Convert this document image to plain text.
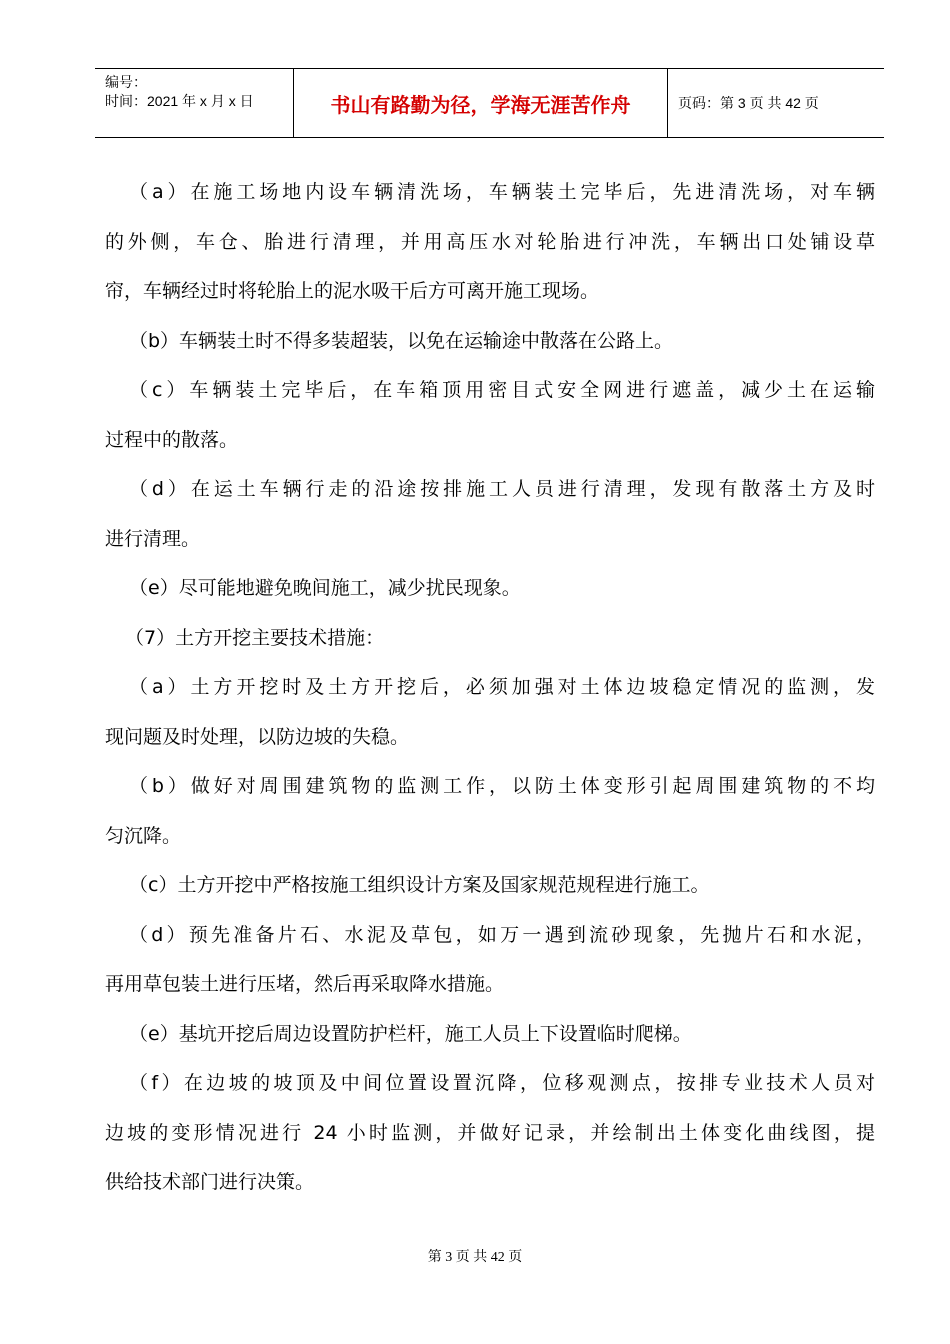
编号：
时间：2021 年 x 月 x 日	书山有路勤为径，学海无涯苦作舟	页码：第 3 页 共 42 页
（a）在施工场地内设车辆清洗场，车辆装土完毕后，先进清洗场，对车辆
的外侧，车仓、胎进行清理，并用高压水对轮胎进行冲洗，车辆出口处铺设草
帘，车辆经过时将轮胎上的泥水吸干后方可离开施工现场。
（b）车辆装土时不得多装超装，以免在运输途中散落在公路上。
（c）车辆装土完毕后，在车箱顶用密目式安全网进行遮盖，减少土在运输
过程中的散落。
（d）在运土车辆行走的沿途按排施工人员进行清理，发现有散落土方及时
进行清理。
（e）尽可能地避免晚间施工，减少扰民现象。
（7）土方开挖主要技术措施：
（a）土方开挖时及土方开挖后，必须加强对土体边坡稳定情况的监测，发
现问题及时处理，以防边坡的失稳。
（b）做好对周围建筑物的监测工作，以防土体变形引起周围建筑物的不均
匀沉降。
（c）土方开挖中严格按施工组织设计方案及国家规范规程进行施工。
（d）预先准备片石、水泥及草包，如万一遇到流砂现象，先抛片石和水泥，
再用草包装土进行压堵，然后再采取降水措施。
（e）基坑开挖后周边设置防护栏杆，施工人员上下设置临时爬梯。
（f）在边坡的坡顶及中间位置设置沉降，位移观测点，按排专业技术人员对
边坡的变形情况进行 24 小时监测，并做好记录，并绘制出土体变化曲线图，提
供给技术部门进行决策。
第 3 页 共 42 页
